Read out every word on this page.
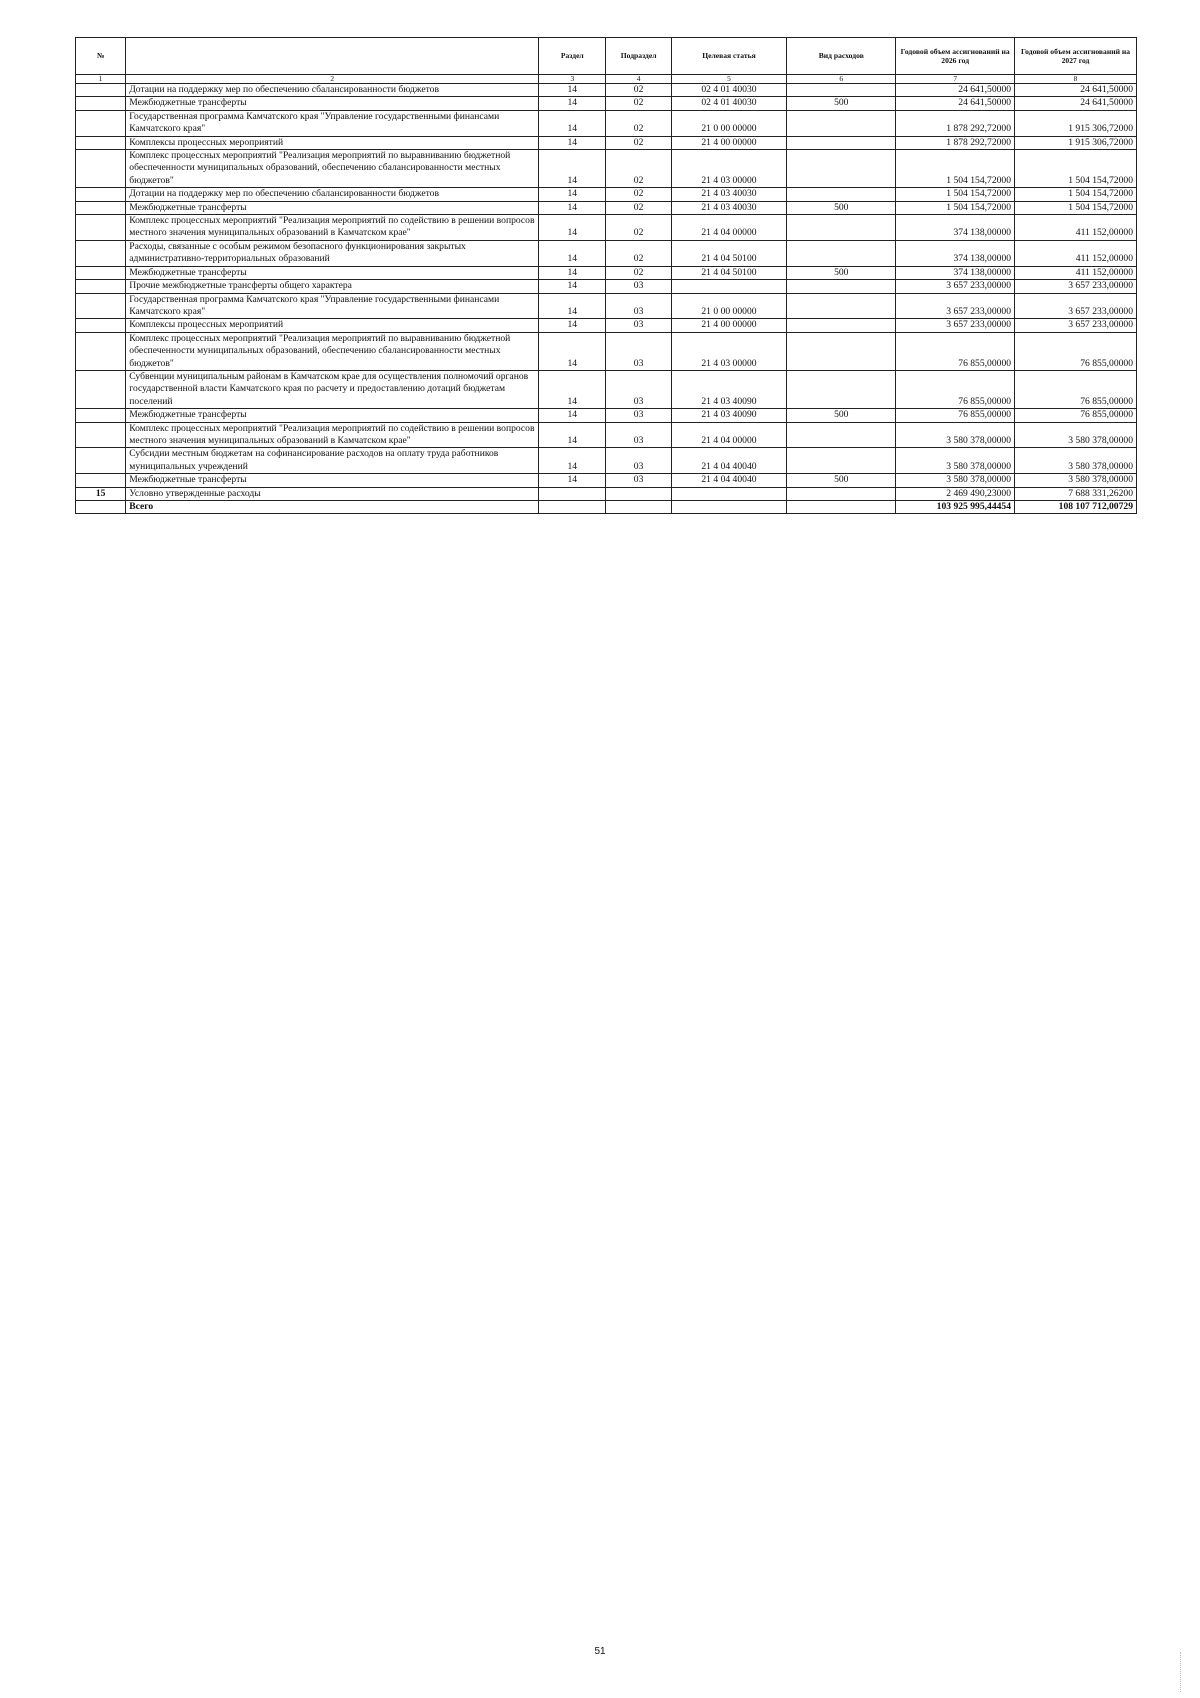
№		Раздел	Подраздел	Целевая статья	Вид расходов	Годовой объем ассигнований на 2026 год	Годовой объем ассигнований на 2027 год
1	2	3	4	5	6	7	8
	Дотации на поддержку мер по обеспечению сбалансированности бюджетов	14	02	02 4 01 40030		24 641,50000	24 641,50000
	Межбюджетные трансферты	14	02	02 4 01 40030	500	24 641,50000	24 641,50000
	Государственная программа Камчатского края "Управление государственными финансами Камчатского края"	14	02	21 0 00 00000		1 878 292,72000	1 915 306,72000
	Комплексы процессных мероприятий	14	02	21 4 00 00000		1 878 292,72000	1 915 306,72000
	Комплекс процессных мероприятий "Реализация мероприятий по выравниванию бюджетной обеспеченности муниципальных образований, обеспечению сбалансированности местных бюджетов"	14	02	21 4 03 00000		1 504 154,72000	1 504 154,72000
	Дотации на поддержку мер по обеспечению сбалансированности бюджетов	14	02	21 4 03 40030		1 504 154,72000	1 504 154,72000
	Межбюджетные трансферты	14	02	21 4 03 40030	500	1 504 154,72000	1 504 154,72000
	Комплекс процессных мероприятий "Реализация мероприятий по содействию в решении вопросов местного значения муниципальных образований в Камчатском крае"	14	02	21 4 04 00000		374 138,00000	411 152,00000
	Расходы, связанные с особым режимом безопасного функционирования закрытых административно-территориальных образований	14	02	21 4 04 50100		374 138,00000	411 152,00000
	Межбюджетные трансферты	14	02	21 4 04 50100	500	374 138,00000	411 152,00000
	Прочие межбюджетные трансферты общего характера	14	03			3 657 233,00000	3 657 233,00000
	Государственная программа Камчатского края "Управление государственными финансами Камчатского края"	14	03	21 0 00 00000		3 657 233,00000	3 657 233,00000
	Комплексы процессных мероприятий	14	03	21 4 00 00000		3 657 233,00000	3 657 233,00000
	Комплекс процессных мероприятий "Реализация мероприятий по выравниванию бюджетной обеспеченности муниципальных образований, обеспечению сбалансированности местных бюджетов"	14	03	21 4 03 00000		76 855,00000	76 855,00000
	Субвенции муниципальным районам в Камчатском крае для осуществления полномочий органов государственной власти Камчатского края по расчету и предоставлению дотаций бюджетам поселений	14	03	21 4 03 40090		76 855,00000	76 855,00000
	Межбюджетные трансферты	14	03	21 4 03 40090	500	76 855,00000	76 855,00000
	Комплекс процессных мероприятий "Реализация мероприятий по содействию в решении вопросов местного значения муниципальных образований в Камчатском крае"	14	03	21 4 04 00000		3 580 378,00000	3 580 378,00000
	Субсидии местным бюджетам на софинансирование расходов на оплату труда работников муниципальных учреждений	14	03	21 4 04 40040		3 580 378,00000	3 580 378,00000
	Межбюджетные трансферты	14	03	21 4 04 40040	500	3 580 378,00000	3 580 378,00000
15	Условно утвержденные расходы					2 469 490,23000	7 688 331,26200
	Всего					103 925 995,44454	108 107 712,00729
51
